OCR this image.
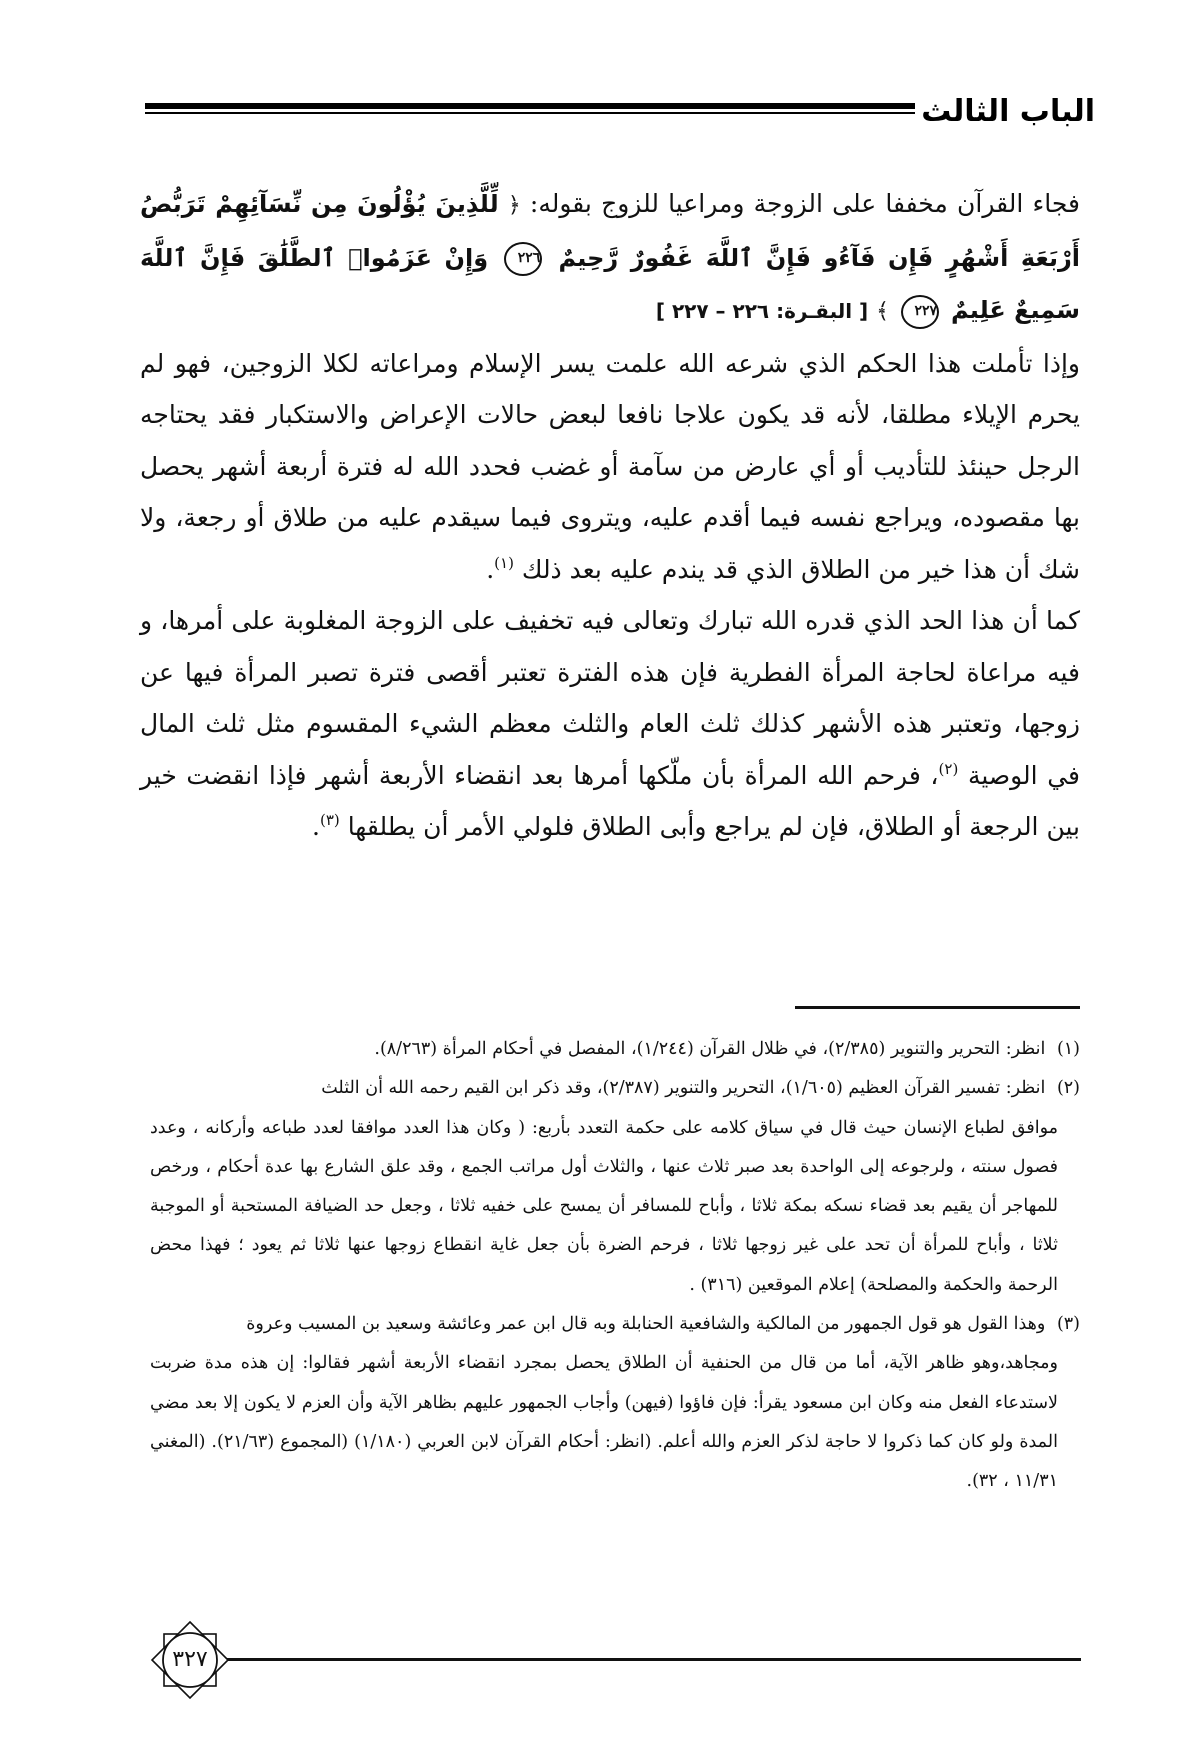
الباب الثالث

فجاء القرآن مخففا على الزوجة ومراعيا للزوج بقوله: ﴿ لِّلَّذِينَ يُؤْلُونَ مِن نِّسَآئِهِمْ تَرَبُّصُ أَرْبَعَةِ أَشْهُرٍ فَإِن فَآءُو فَإِنَّ ٱللَّهَ غَفُورٌ رَّحِيمٌ ٢٢٦ وَإِنْ عَزَمُوا۟ ٱلطَّلَٰقَ فَإِنَّ ٱللَّهَ سَمِيعٌ عَلِيمٌ ٢٢٧ ﴾ [ البقـرة: ٢٢٦ – ٢٢٧ ]

وإذا تأملت هذا الحكم الذي شرعه الله علمت يسر الإسلام ومراعاته لكلا الزوجين، فهو لم يحرم الإيلاء مطلقا، لأنه قد يكون علاجا نافعا لبعض حالات الإعراض والاستكبار فقد يحتاجه الرجل حينئذ للتأديب أو أي عارض من سآمة أو غضب فحدد الله له فترة أربعة أشهر يحصل بها مقصوده، ويراجع نفسه فيما أقدم عليه، ويتروى فيما سيقدم عليه من طلاق أو رجعة، ولا شك أن هذا خير من الطلاق الذي قد يندم عليه بعد ذلك $^{(١)}$.

كما أن هذا الحد الذي قدره الله تبارك وتعالى فيه تخفيف على الزوجة المغلوبة على أمرها، و فيه مراعاة لحاجة المرأة الفطرية فإن هذه الفترة تعتبر أقصى فترة تصبر المرأة فيها عن زوجها، وتعتبر هذه الأشهر كذلك ثلث العام والثلث معظم الشيء المقسوم مثل ثلث المال في الوصية $^{(٢)}$، فرحم الله المرأة بأن ملّكها أمرها بعد انقضاء الأربعة أشهر فإذا انقضت خير بين الرجعة أو الطلاق، فإن لم يراجع وأبى الطلاق فلولي الأمر أن يطلقها $^{(٣)}$.

(١) انظر: التحرير والتنوير (٢/٣٨٥)، في ظلال القرآن (١/٢٤٤)، المفصل في أحكام المرأة (٨/٢٦٣).

(٢) انظر: تفسير القرآن العظيم (١/٦٠٥)، التحرير والتنوير (٢/٣٨٧)، وقد ذكر ابن القيم رحمه الله أن الثلث
موافق لطباع الإنسان حيث قال في سياق كلامه على حكمة التعدد بأربع: ( وكان هذا العدد موافقا لعدد طباعه وأركانه ، وعدد فصول سنته ، ولرجوعه إلى الواحدة بعد صبر ثلاث عنها ، والثلاث أول مراتب الجمع ، وقد علق الشارع بها عدة أحكام ، ورخص للمهاجر أن يقيم بعد قضاء نسكه بمكة ثلاثا ، وأباح للمسافر أن يمسح على خفيه ثلاثا ، وجعل حد الضيافة المستحبة أو الموجبة ثلاثا ، وأباح للمرأة أن تحد على غير زوجها ثلاثا ، فرحم الضرة بأن جعل غاية انقطاع زوجها عنها ثلاثا ثم يعود ؛ فهذا محض الرحمة والحكمة والمصلحة) إعلام الموقعين (٣١٦) .

(٣) وهذا القول هو قول الجمهور من المالكية والشافعية الحنابلة وبه قال ابن عمر وعائشة وسعيد بن المسيب وعروة
ومجاهد،وهو ظاهر الآية، أما من قال من الحنفية أن الطلاق يحصل بمجرد انقضاء الأربعة أشهر فقالوا: إن هذه مدة ضربت لاستدعاء الفعل منه وكان ابن مسعود يقرأ: فإن فاؤوا (فيهن) وأجاب الجمهور عليهم بظاهر الآية وأن العزم لا يكون إلا بعد مضي المدة ولو كان كما ذكروا لا حاجة لذكر العزم والله أعلم. (انظر: أحكام القرآن لابن العربي (١/١٨٠) (المجموع (٢١/٦٣). (المغني ١١/٣١ ، ٣٢).

٣٢٧
